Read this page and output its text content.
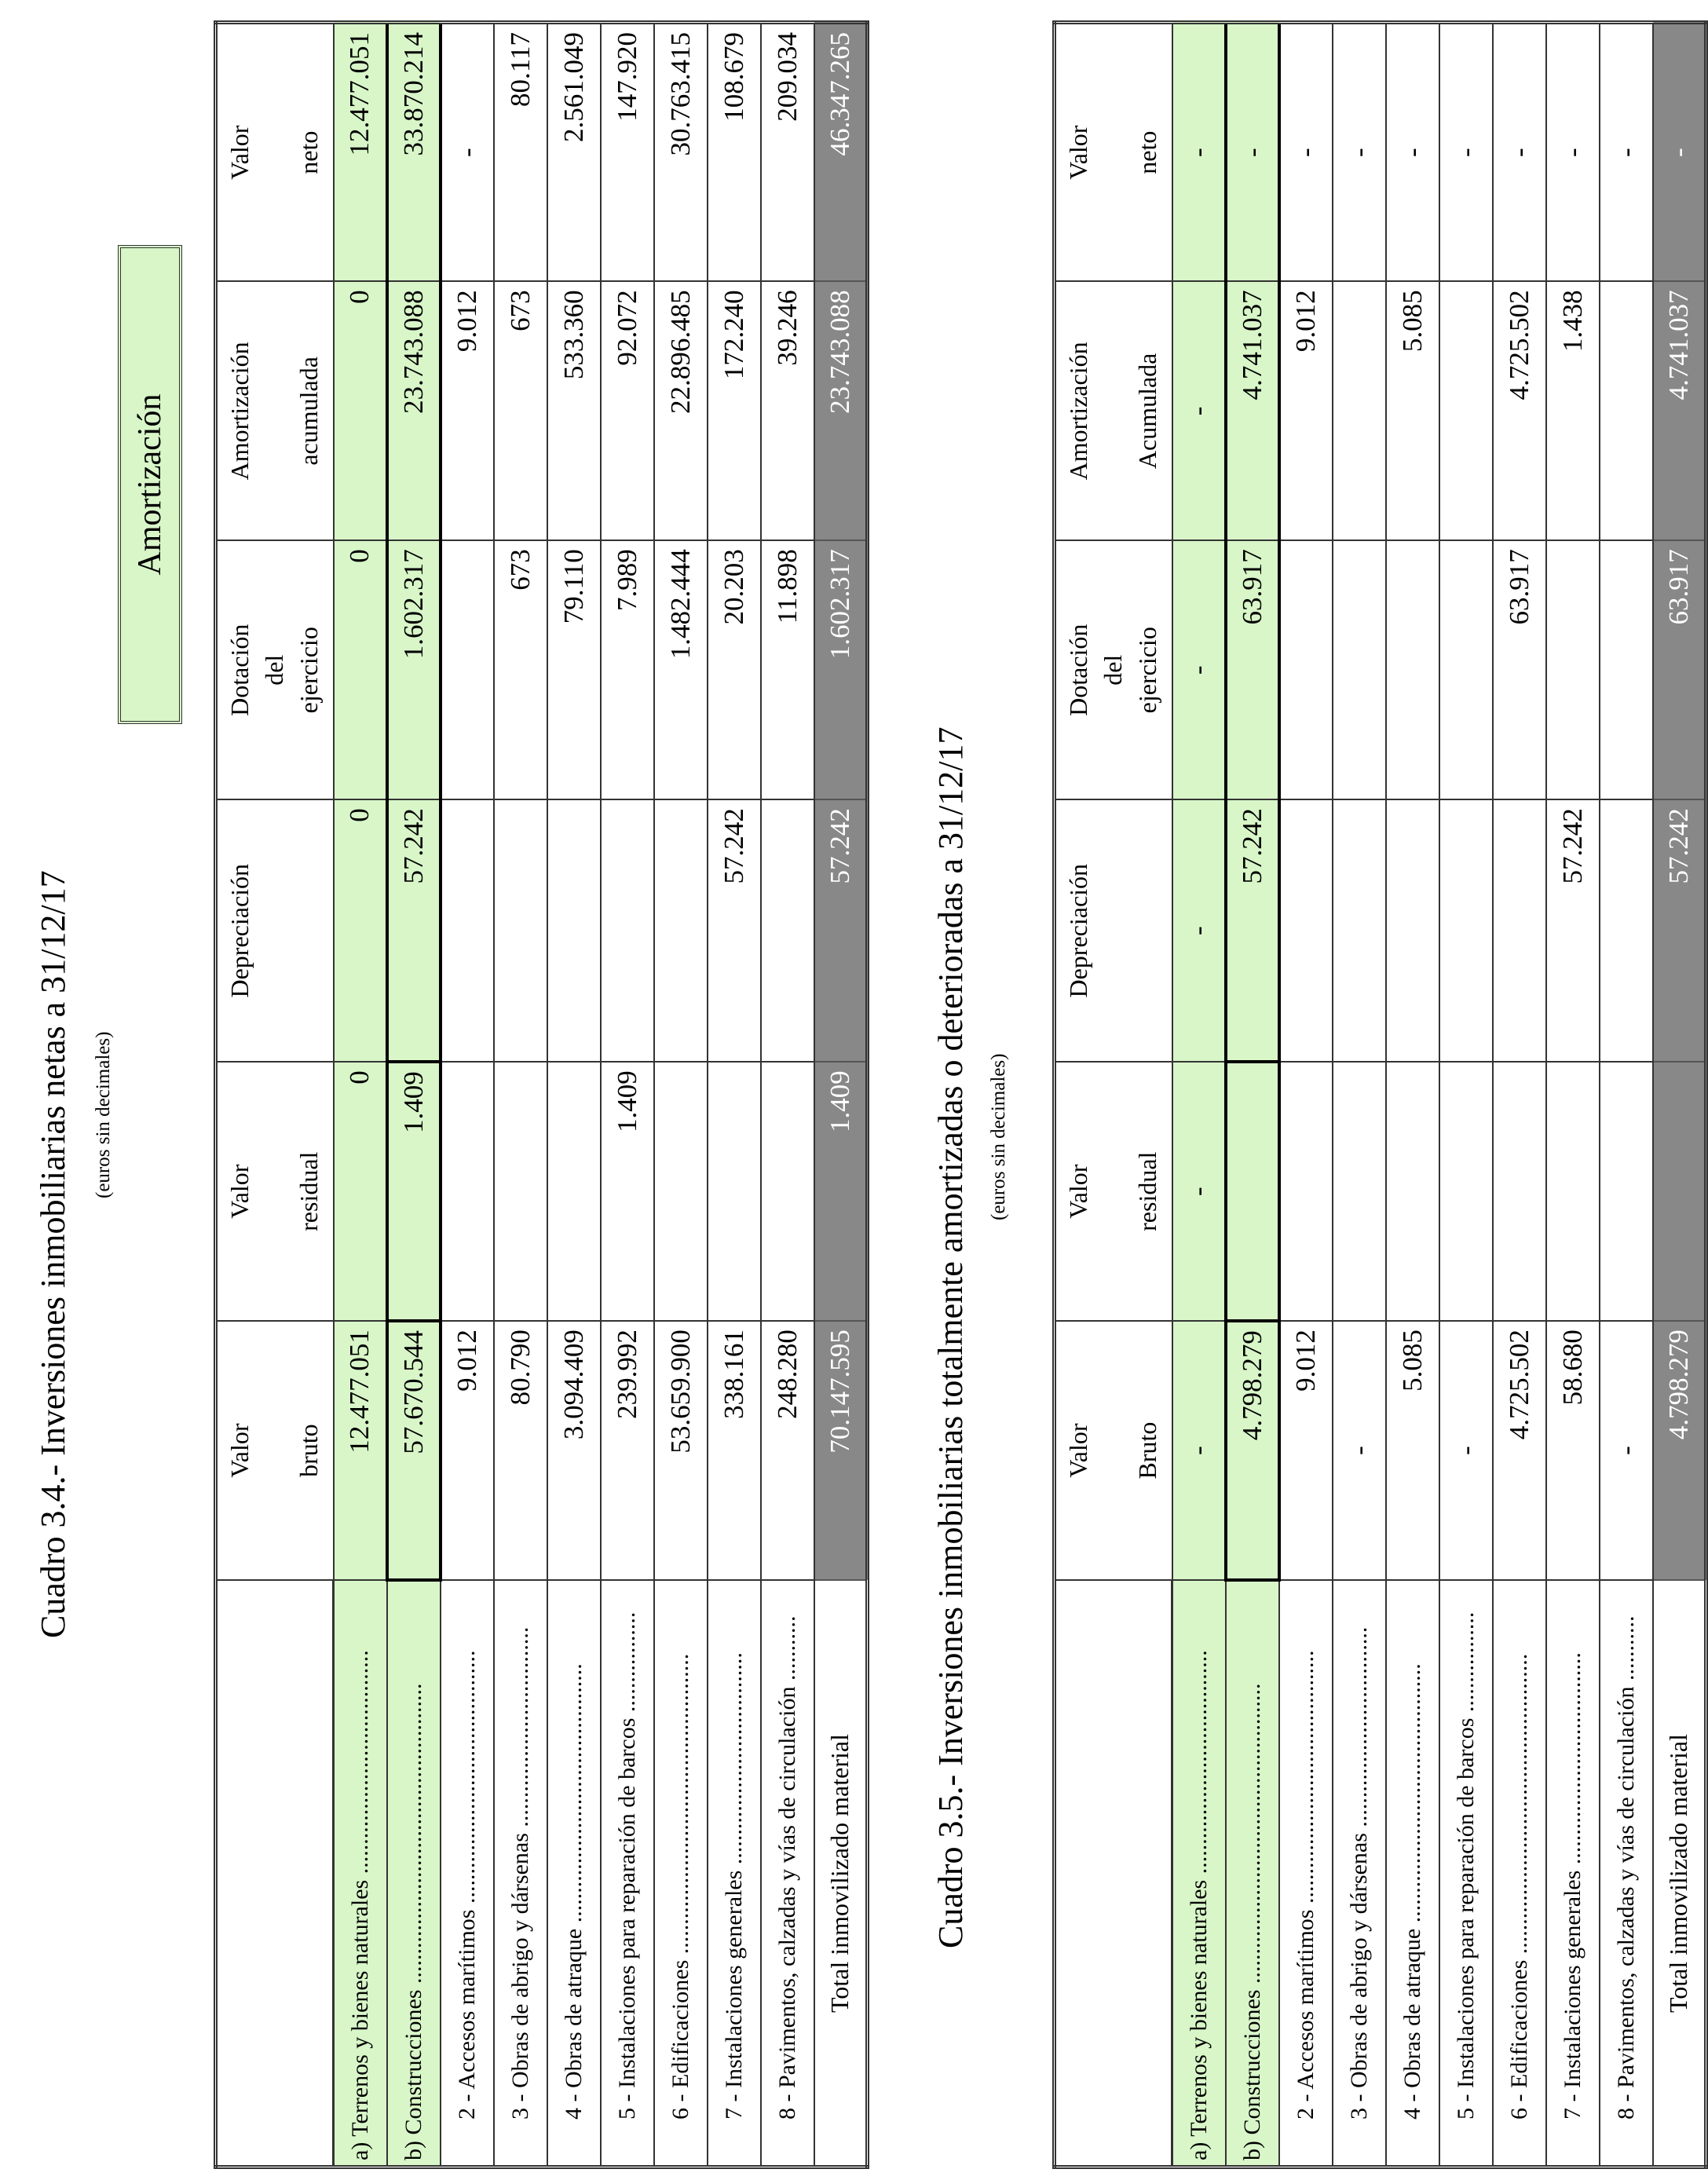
Cuadro 3.4.- Inversiones inmobiliarias netas a 31/12/17 (euros sin decimales)
Amortización

	Valor bruto	Valor residual	Depreciación	Dotación del ejercicio	Amortización acumulada	Valor neto

a) Terrenos y bienes naturales ......................................	12.477.051	0	0	0	0	12.477.051
b) Construcciones ...................................................	57.670.544	1.409	57.242	1.602.317	23.743.088	33.870.214
2 - Accesos marítimos ...........................................	9.012				9.012	-
3 - Obras de abrigo y dársenas ..................................	80.790			673	673	80.117
4 - Obras de atraque ............................................	3.094.409			79.110	533.360	2.561.049
5 - Instalaciones para reparación de barcos .................	239.992	1.409		7.989	92.072	147.920
6 - Edificaciones ...................................................	53.659.900			1.482.444	22.896.485	30.763.415
7 - Instalaciones generales ....................................	338.161		57.242	20.203	172.240	108.679
8 - Pavimentos, calzadas y vías de circulación ...........	248.280			11.898	39.246	209.034
Total inmovilizado material	70.147.595	1.409	57.242	1.602.317	23.743.088	46.347.265
Cuadro 3.5.- Inversiones inmobiliarias totalmente amortizadas o deterioradas a 31/12/17 (euros sin decimales)

	Valor Bruto	Valor residual	Depreciación	Dotación del ejercicio	Amortización Acumulada	Valor neto

a) Terrenos y bienes naturales ......................................	-	-	-	-	-	-
b) Construcciones ...................................................	4.798.279		57.242	63.917	4.741.037	-
2 - Accesos marítimos ...........................................	9.012				9.012	-
3 - Obras de abrigo y dársenas ..................................	-					-
4 - Obras de atraque ............................................	5.085				5.085	-
5 - Instalaciones para reparación de barcos .................	-					-
6 - Edificaciones ...................................................	4.725.502			63.917	4.725.502	-
7 - Instalaciones generales ....................................	58.680		57.242		1.438	-
8 - Pavimentos, calzadas y vías de circulación ...........	-					-
Total inmovilizado material	4.798.279		57.242	63.917	4.741.037	-
